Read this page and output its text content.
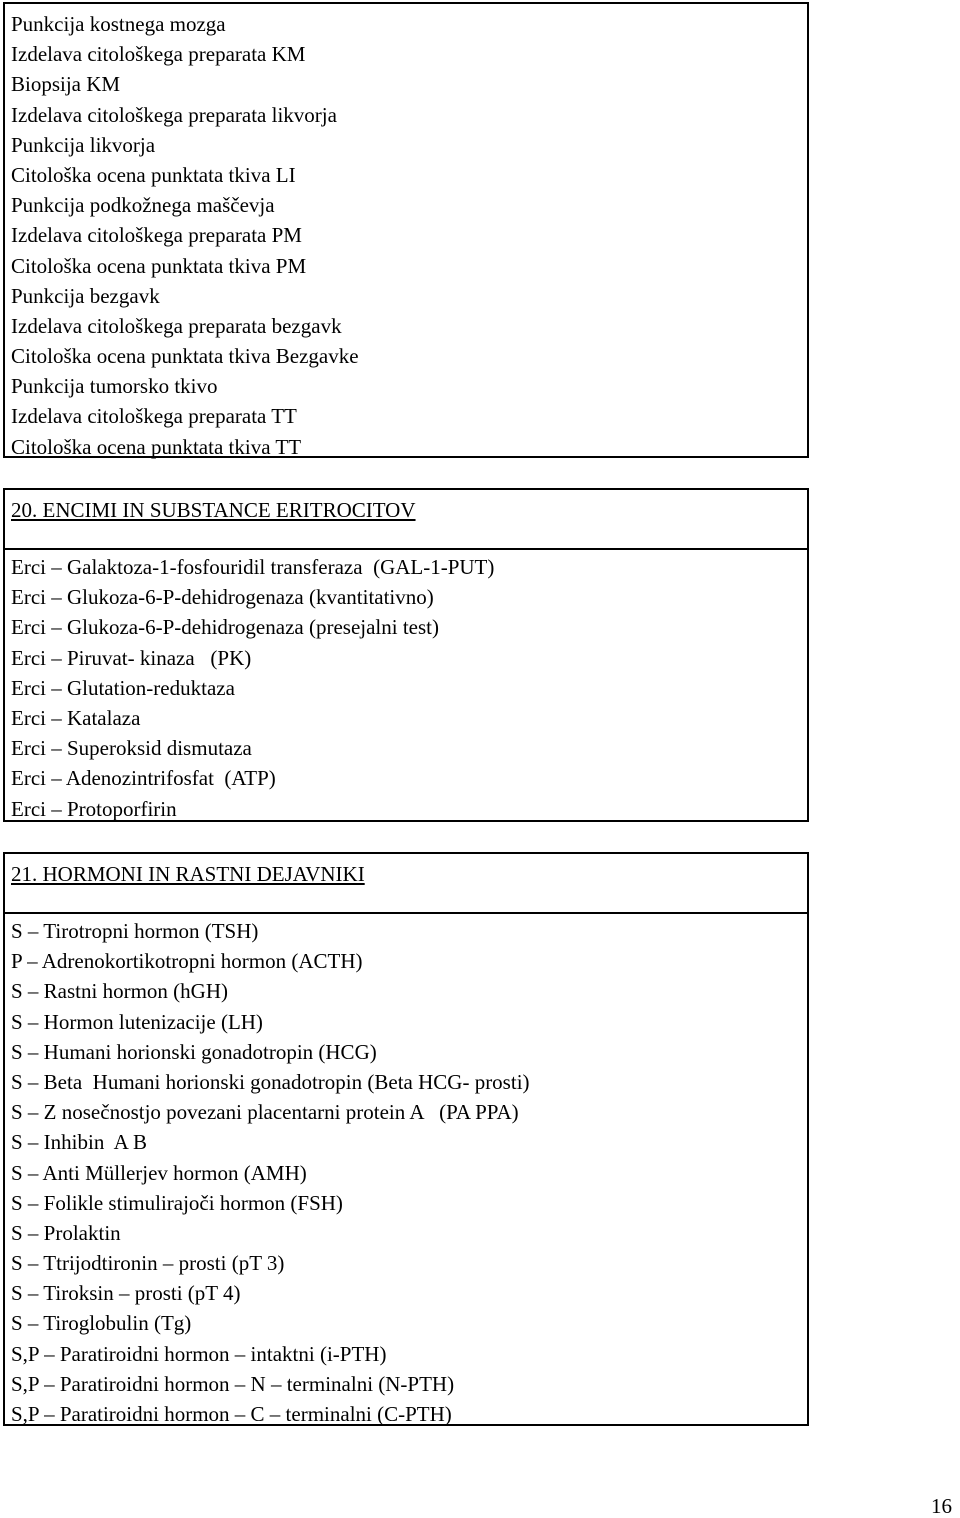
Punkcija kostnega mozga
Izdelava citološkega preparata KM
Biopsija KM
Izdelava citološkega preparata likvorja
Punkcija likvorja
Citološka ocena punktata tkiva LI
Punkcija podkožnega maščevja
Izdelava citološkega preparata PM
Citološka ocena punktata tkiva PM
Punkcija bezgavk
Izdelava citološkega preparata bezgavk
Citološka ocena punktata tkiva Bezgavke
Punkcija tumorsko tkivo
Izdelava citološkega preparata TT
Citološka ocena punktata tkiva TT
20. ENCIMI IN SUBSTANCE ERITROCITOV
Erci – Galaktoza-1-fosfouridil transferaza  (GAL-1-PUT)
Erci – Glukoza-6-P-dehidrogenaza (kvantitativno)
Erci – Glukoza-6-P-dehidrogenaza (presejalni test)
Erci – Piruvat- kinaza   (PK)
Erci – Glutation-reduktaza
Erci – Katalaza
Erci – Superoksid dismutaza
Erci – Adenozintrifosfat  (ATP)
Erci – Protoporfirin
21. HORMONI IN RASTNI DEJAVNIKI
S – Tirotropni hormon (TSH)
P – Adrenokortikotropni hormon (ACTH)
S – Rastni hormon (hGH)
S – Hormon lutenizacije (LH)
S – Humani horionski gonadotropin (HCG)
S – Beta  Humani horionski gonadotropin (Beta HCG- prosti)
S – Z nosečnostjo povezani placentarni protein A   (PA PPA)
S – Inhibin  A B
S – Anti Müllerjev hormon (AMH)
S – Folikle stimulirajoči hormon (FSH)
S – Prolaktin
S – Ttrijodtironin – prosti (pT 3)
S – Tiroksin – prosti (pT 4)
S – Tiroglobulin (Tg)
S,P – Paratiroidni hormon – intaktni (i-PTH)
S,P – Paratiroidni hormon – N – terminalni (N-PTH)
S,P – Paratiroidni hormon – C – terminalni (C-PTH)
16
